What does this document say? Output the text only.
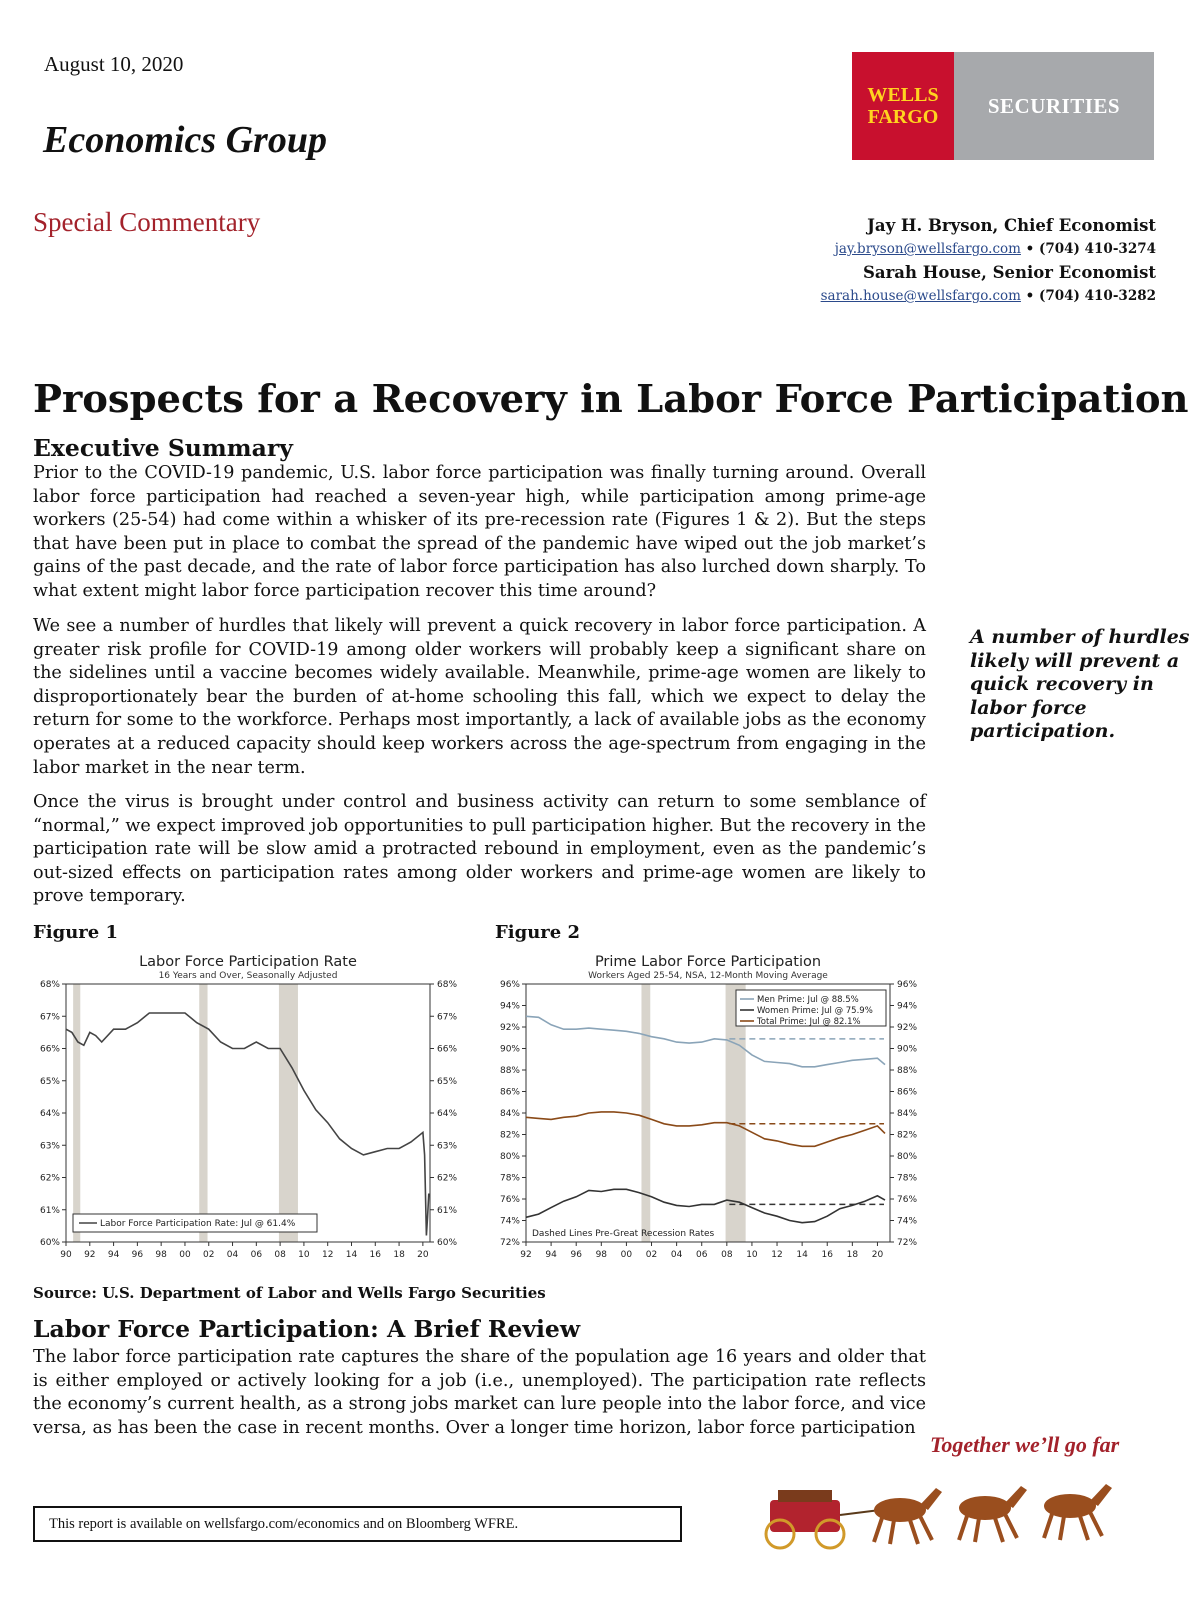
August 10, 2020
Economics Group
Special Commentary
WELLS
FARGO	SECURITIES
Jay H. Bryson, Chief Economist
jay.bryson@wellsfargo.com • (704) 410-3274
Sarah House, Senior Economist
sarah.house@wellsfargo.com • (704) 410-3282
Prospects for a Recovery in Labor Force Participation
Executive Summary
Prior to the COVID-19 pandemic, U.S. labor force participation was finally turning around. Overall labor force participation had reached a seven-year high, while participation among prime-age workers (25-54) had come within a whisker of its pre-recession rate (Figures 1 & 2). But the steps that have been put in place to combat the spread of the pandemic have wiped out the job market’s gains of the past decade, and the rate of labor force participation has also lurched down sharply. To what extent might labor force participation recover this time around?
We see a number of hurdles that likely will prevent a quick recovery in labor force participation. A greater risk profile for COVID-19 among older workers will probably keep a significant share on the sidelines until a vaccine becomes widely available. Meanwhile, prime-age women are likely to disproportionately bear the burden of at-home schooling this fall, which we expect to delay the return for some to the workforce. Perhaps most importantly, a lack of available jobs as the economy operates at a reduced capacity should keep workers across the age-spectrum from engaging in the labor market in the near term.
Once the virus is brought under control and business activity can return to some semblance of “normal,” we expect improved job opportunities to pull participation higher. But the recovery in the participation rate will be slow amid a protracted rebound in employment, even as the pandemic’s out-sized effects on participation rates among older workers and prime-age women are likely to prove temporary.
A number of hurdles likely will prevent a quick recovery in labor force participation.
Figure 1	Figure 2
Labor Force Participation Rate
16 Years and Over, Seasonally Adjusted
60%	60%
61%	61%
62%	62%
63%	63%
64%	64%
65%	65%
66%	66%
67%	67%
68%	68%
90 92 94 96 98 00 02 04 06 08 10 12 14 16 18 20
Labor Force Participation Rate: Jul @ 61.4%
Prime Labor Force Participation
Workers Aged 25-54, NSA, 12-Month Moving Average
72%	72%
74%	74%
76%	76%
78%	78%
80%	80%
82%	82%
84%	84%
86%	86%
88%	88%
90%	90%
92%	92%
94%	94%
96%	96%
92 94 96 98 00 02 04 06 08 10 12 14 16 18 20
Men Prime: Jul @ 88.5%
Women Prime: Jul @ 75.9%
Total Prime: Jul @ 82.1%
Dashed Lines Pre-Great Recession Rates
Source: U.S. Department of Labor and Wells Fargo Securities
Labor Force Participation: A Brief Review
The labor force participation rate captures the share of the population age 16 years and older that is either employed or actively looking for a job (i.e., unemployed). The participation rate reflects the economy’s current health, as a strong jobs market can lure people into the labor force, and vice versa, as has been the case in recent months. Over a longer time horizon, labor force participation
Together we’ll go far
This report is available on wellsfargo.com/economics and on Bloomberg WFRE.
